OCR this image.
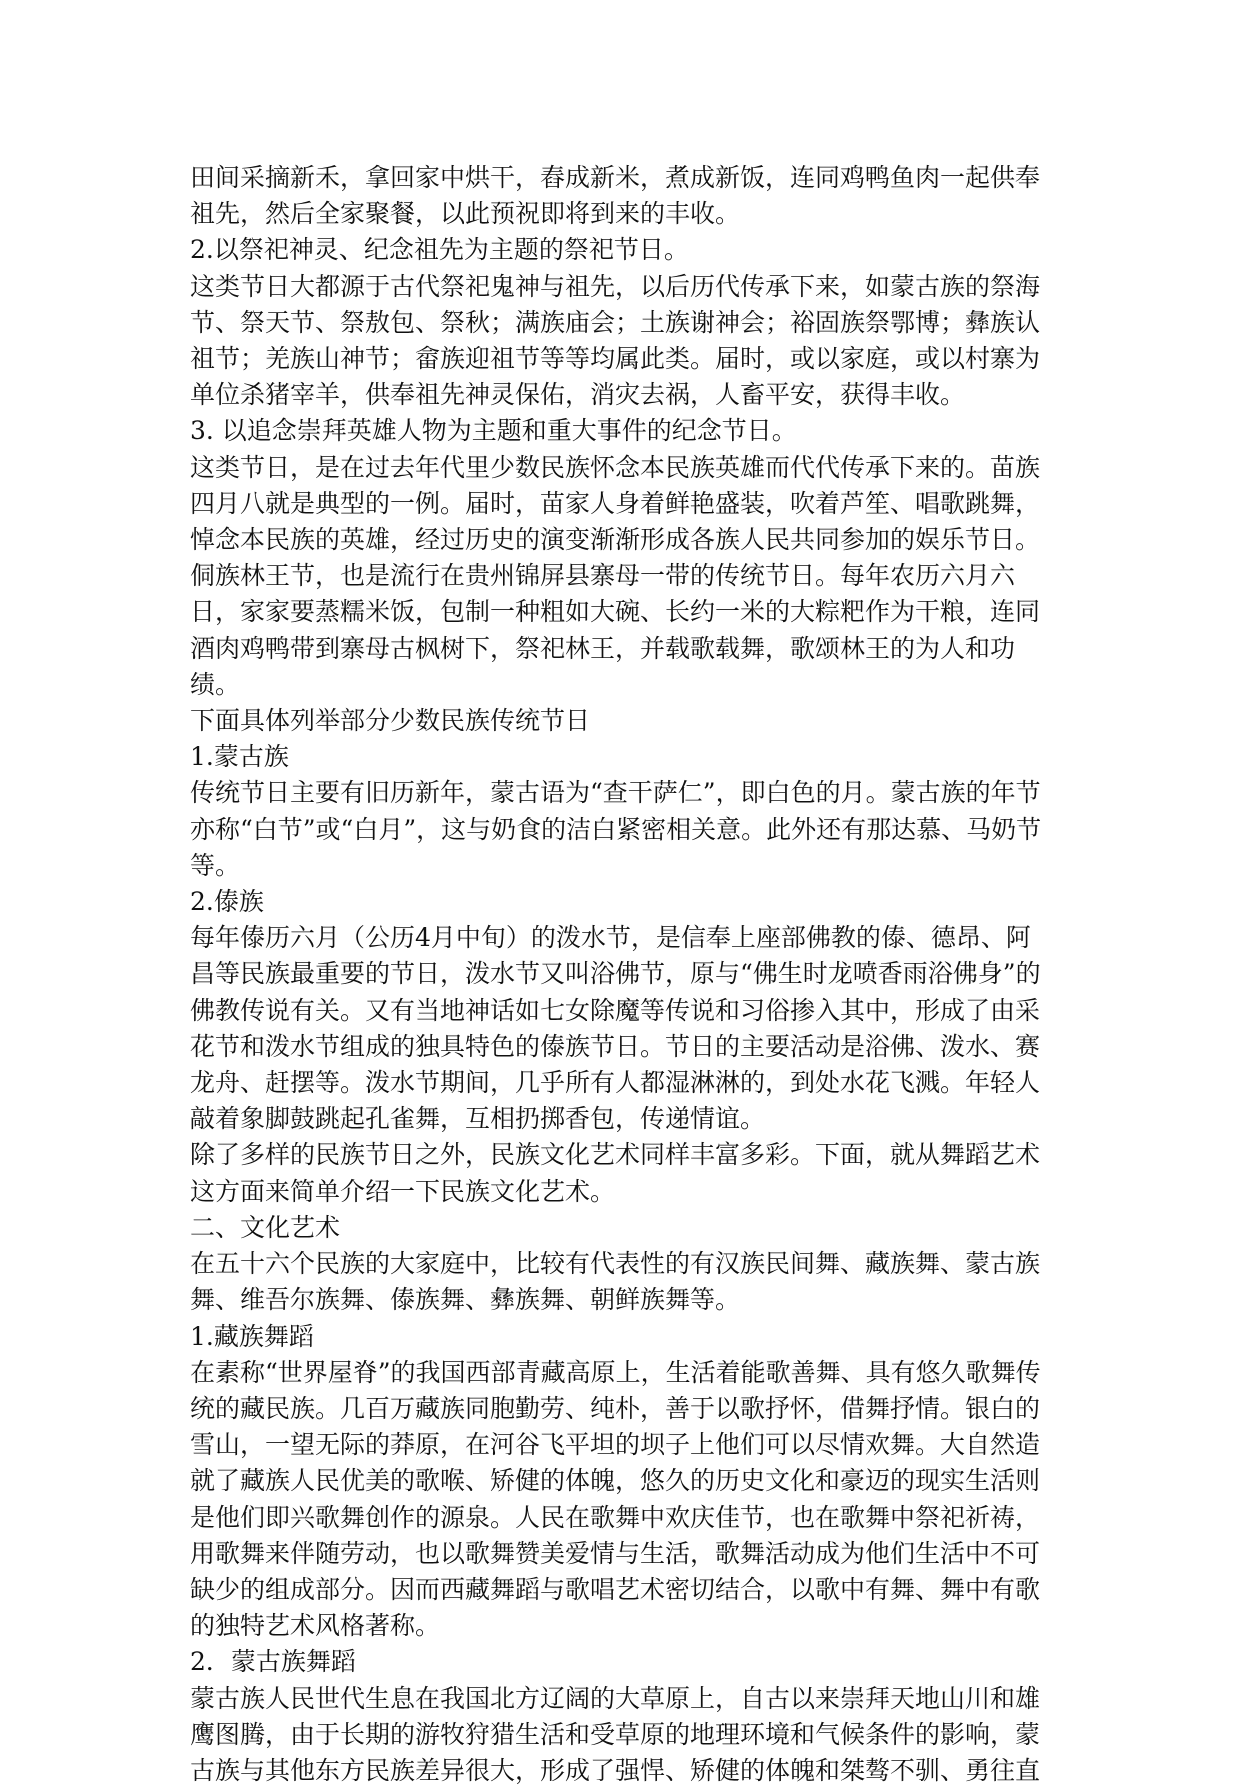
田间采摘新禾，拿回家中烘干，舂成新米，煮成新饭，连同鸡鸭鱼肉一起供奉祖先，然后全家聚餐，以此预祝即将到来的丰收。

2.以祭祀神灵、纪念祖先为主题的祭祀节日。

这类节日大都源于古代祭祀鬼神与祖先，以后历代传承下来，如蒙古族的祭海节、祭天节、祭敖包、祭秋；满族庙会；土族谢神会；裕固族祭鄂博；彝族认祖节；羌族山神节；畲族迎祖节等等均属此类。届时，或以家庭，或以村寨为单位杀猪宰羊，供奉祖先神灵保佑，消灾去祸，人畜平安，获得丰收。

3. 以追念崇拜英雄人物为主题和重大事件的纪念节日。

这类节日，是在过去年代里少数民族怀念本民族英雄而代代传承下来的。苗族四月八就是典型的一例。届时，苗家人身着鲜艳盛装，吹着芦笙、唱歌跳舞，悼念本民族的英雄，经过历史的演变渐渐形成各族人民共同参加的娱乐节日。侗族林王节，也是流行在贵州锦屏县寨母一带的传统节日。每年农历六月六日，家家要蒸糯米饭，包制一种粗如大碗、长约一米的大粽粑作为干粮，连同酒肉鸡鸭带到寨母古枫树下，祭祀林王，并载歌载舞，歌颂林王的为人和功绩。

下面具体列举部分少数民族传统节日

1.蒙古族

传统节日主要有旧历新年，蒙古语为“查干萨仁”，即白色的月。蒙古族的年节亦称“白节”或“白月”，这与奶食的洁白紧密相关意。此外还有那达慕、马奶节等。

2.傣族

每年傣历六月（公历4月中旬）的泼水节，是信奉上座部佛教的傣、德昂、阿昌等民族最重要的节日，泼水节又叫浴佛节，原与“佛生时龙喷香雨浴佛身”的佛教传说有关。又有当地神话如七女除魔等传说和习俗掺入其中，形成了由采花节和泼水节组成的独具特色的傣族节日。节日的主要活动是浴佛、泼水、赛龙舟、赶摆等。泼水节期间，几乎所有人都湿淋淋的，到处水花飞溅。年轻人敲着象脚鼓跳起孔雀舞，互相扔掷香包，传递情谊。

除了多样的民族节日之外，民族文化艺术同样丰富多彩。下面，就从舞蹈艺术这方面来简单介绍一下民族文化艺术。

二、文化艺术

在五十六个民族的大家庭中，比较有代表性的有汉族民间舞、藏族舞、蒙古族舞、维吾尔族舞、傣族舞、彝族舞、朝鲜族舞等。

1.藏族舞蹈

在素称“世界屋脊”的我国西部青藏高原上，生活着能歌善舞、具有悠久歌舞传统的藏民族。几百万藏族同胞勤劳、纯朴，善于以歌抒怀，借舞抒情。银白的雪山，一望无际的莽原，在河谷飞平坦的坝子上他们可以尽情欢舞。大自然造就了藏族人民优美的歌喉、矫健的体魄，悠久的历史文化和豪迈的现实生活则是他们即兴歌舞创作的源泉。人民在歌舞中欢庆佳节，也在歌舞中祭祀祈祷，用歌舞来伴随劳动，也以歌舞赞美爱情与生活，歌舞活动成为他们生活中不可缺少的组成部分。因而西藏舞蹈与歌唱艺术密切结合，以歌中有舞、舞中有歌的独特艺术风格著称。

2．蒙古族舞蹈

蒙古族人民世代生息在我国北方辽阔的大草原上，自古以来崇拜天地山川和雄鹰图腾，由于长期的游牧狩猎生活和受草原的地理环境和气候条件的影响，蒙古族与其他东方民族差异很大，形成了强悍、矫健的体魄和桀骜不驯、勇往直
